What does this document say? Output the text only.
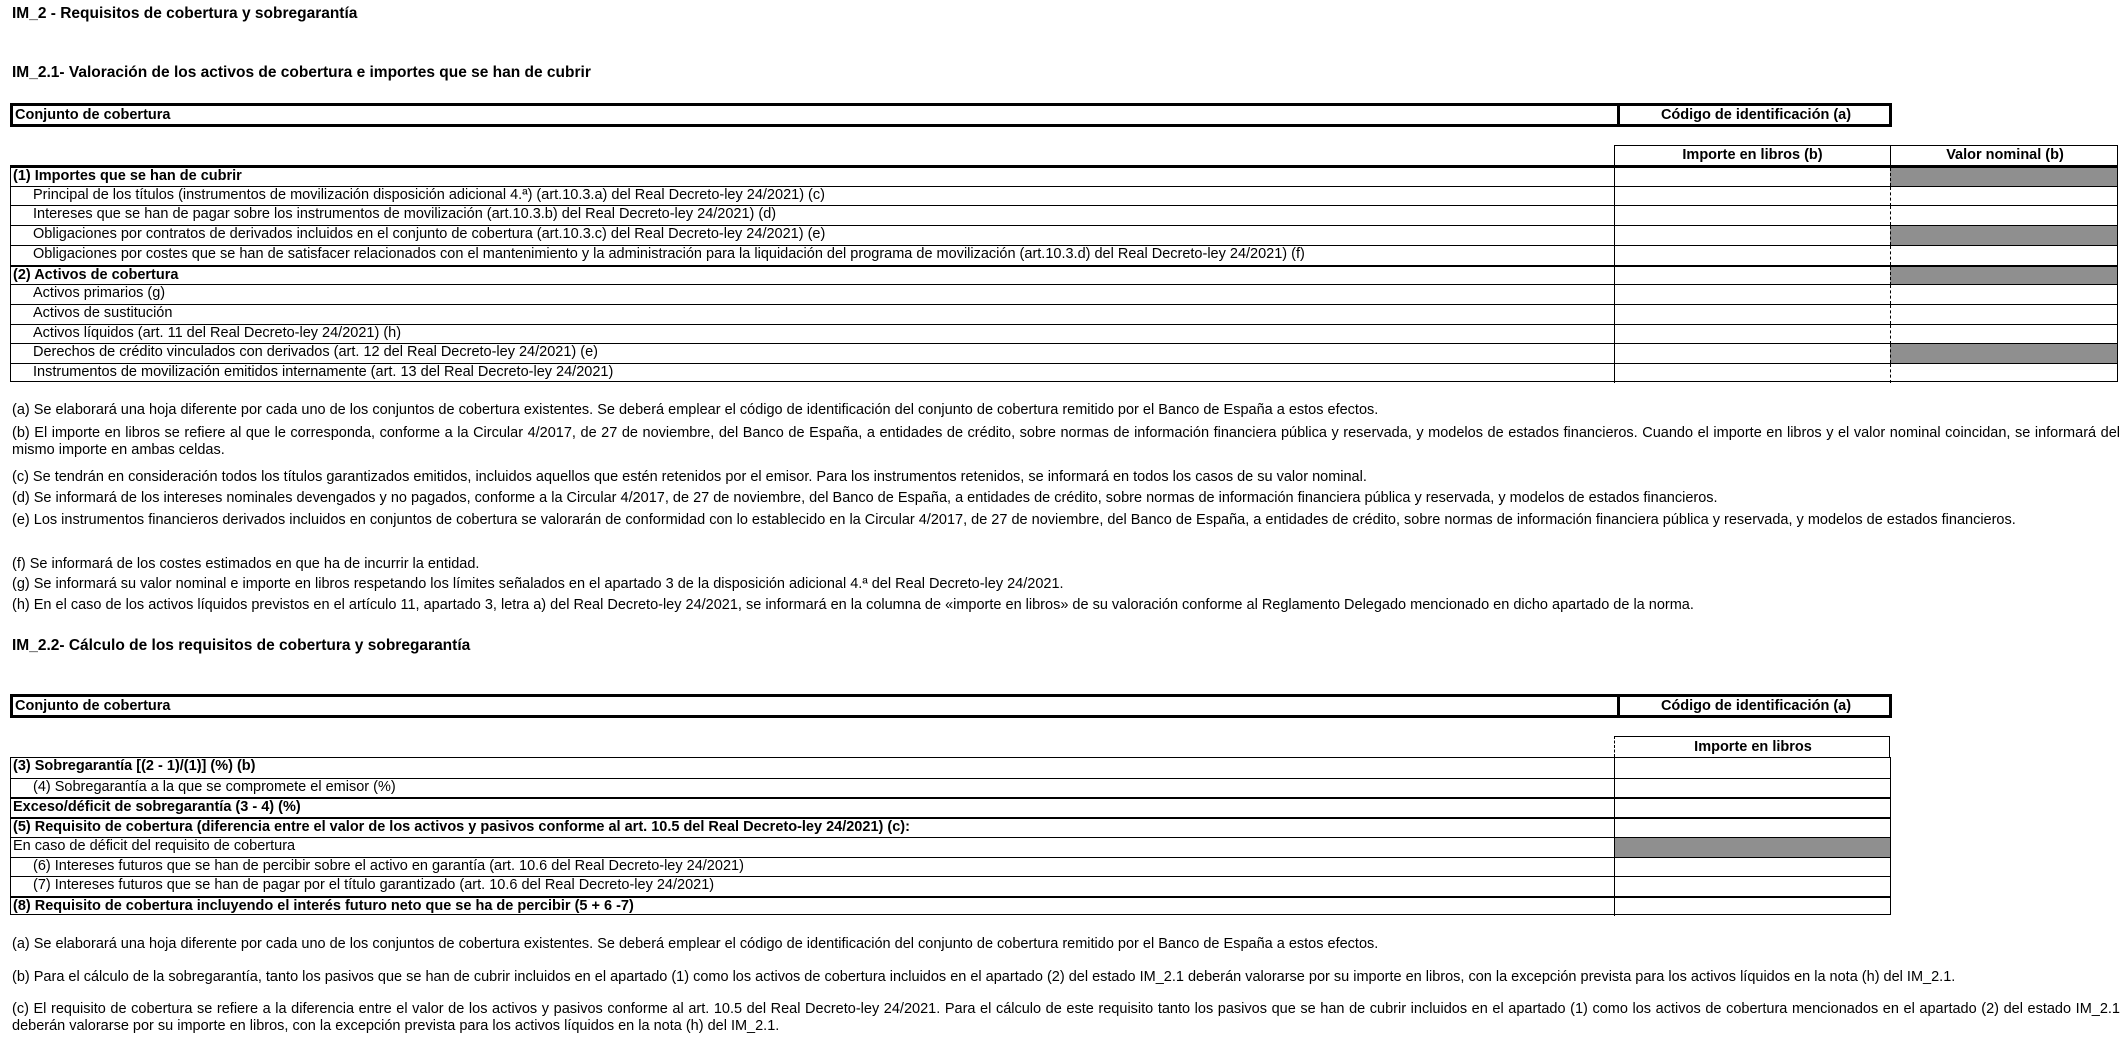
IM_2 - Requisitos de cobertura y sobregarantía
IM_2.1- Valoración de los activos de cobertura e importes que se han de cubrir
Conjunto de cobertura	Código de identificación (a)
Importe en libros (b)	Valor nominal (b)
(1) Importes que se han de cubrir
Principal de los títulos (instrumentos de movilización disposición adicional 4.ª) (art.10.3.a) del Real Decreto-ley 24/2021) (c)
Intereses que se han de pagar sobre los instrumentos de movilización (art.10.3.b) del Real Decreto-ley 24/2021) (d)
Obligaciones por contratos de derivados incluidos en el conjunto de cobertura (art.10.3.c) del Real Decreto-ley 24/2021) (e)
Obligaciones por costes que se han de satisfacer relacionados con el mantenimiento y la administración para la liquidación del programa de movilización (art.10.3.d) del Real Decreto-ley 24/2021) (f)
(2) Activos de cobertura
Activos primarios (g)
Activos de sustitución
Activos líquidos (art. 11 del Real Decreto-ley 24/2021) (h)
Derechos de crédito vinculados con derivados (art. 12 del Real Decreto-ley 24/2021) (e)
Instrumentos de movilización emitidos internamente (art. 13 del Real Decreto-ley 24/2021)
(a) Se elaborará una hoja diferente por cada uno de los conjuntos de cobertura existentes. Se deberá emplear el código de identificación del conjunto de cobertura remitido por el Banco de España a estos efectos.
(b) El importe en libros se refiere al que le corresponda, conforme a la Circular 4/2017, de 27 de noviembre, del Banco de España, a entidades de crédito, sobre normas de información financiera pública y reservada, y modelos de estados financieros. Cuando el importe en libros y el valor nominal coincidan, se informará del mismo importe en ambas celdas.
(c) Se tendrán en consideración todos los títulos garantizados emitidos, incluidos aquellos que estén retenidos por el emisor. Para los instrumentos retenidos, se informará en todos los casos de su valor nominal.
(d) Se informará de los intereses nominales devengados y no pagados, conforme a la Circular 4/2017, de 27 de noviembre, del Banco de España, a entidades de crédito, sobre normas de información financiera pública y reservada, y modelos de estados financieros.
(e) Los instrumentos financieros derivados incluidos en conjuntos de cobertura se valorarán de conformidad con lo establecido en la Circular 4/2017, de 27 de noviembre, del Banco de España, a entidades de crédito, sobre normas de información financiera pública y reservada, y modelos de estados financieros.
(f) Se informará de los costes estimados en que ha de incurrir la entidad.
(g) Se informará su valor nominal e importe en libros respetando los límites señalados en el apartado 3 de la disposición adicional 4.ª del Real Decreto-ley 24/2021.
(h) En el caso de los activos líquidos previstos en el artículo 11, apartado 3, letra a) del Real Decreto-ley 24/2021, se informará en la columna de «importe en libros» de su valoración conforme al Reglamento Delegado mencionado en dicho apartado de la norma.
IM_2.2- Cálculo de los requisitos de cobertura y sobregarantía
Conjunto de cobertura	Código de identificación (a)
Importe en libros
(3) Sobregarantía [(2 - 1)/(1)] (%) (b)
(4) Sobregarantía a la que se compromete el emisor (%)
Exceso/déficit de sobregarantía (3 - 4) (%)
(5) Requisito de cobertura (diferencia entre el valor de los activos y pasivos conforme al art. 10.5 del Real Decreto-ley 24/2021) (c):
En caso de déficit del requisito de cobertura
(6) Intereses futuros que se han de percibir sobre el activo en garantía (art. 10.6 del Real Decreto-ley 24/2021)
(7) Intereses futuros que se han de pagar por el título garantizado (art. 10.6 del Real Decreto-ley 24/2021)
(8) Requisito de cobertura incluyendo el interés futuro neto que se ha de percibir (5 + 6 -7)
(a) Se elaborará una hoja diferente por cada uno de los conjuntos de cobertura existentes. Se deberá emplear el código de identificación del conjunto de cobertura remitido por el Banco de España a estos efectos.
(b) Para el cálculo de la sobregarantía, tanto los pasivos que se han de cubrir incluidos en el apartado (1) como los activos de cobertura incluidos en el apartado (2) del estado IM_2.1 deberán valorarse por su importe en libros, con la excepción prevista para los activos líquidos en la nota (h) del IM_2.1.
(c) El requisito de cobertura se refiere a la diferencia entre el valor de los activos y pasivos conforme al art. 10.5 del Real Decreto-ley 24/2021. Para el cálculo de este requisito tanto los pasivos que se han de cubrir incluidos en el apartado (1) como los activos de cobertura mencionados en el apartado (2) del estado IM_2.1 deberán valorarse por su importe en libros, con la excepción prevista para los activos líquidos en la nota (h) del IM_2.1.
